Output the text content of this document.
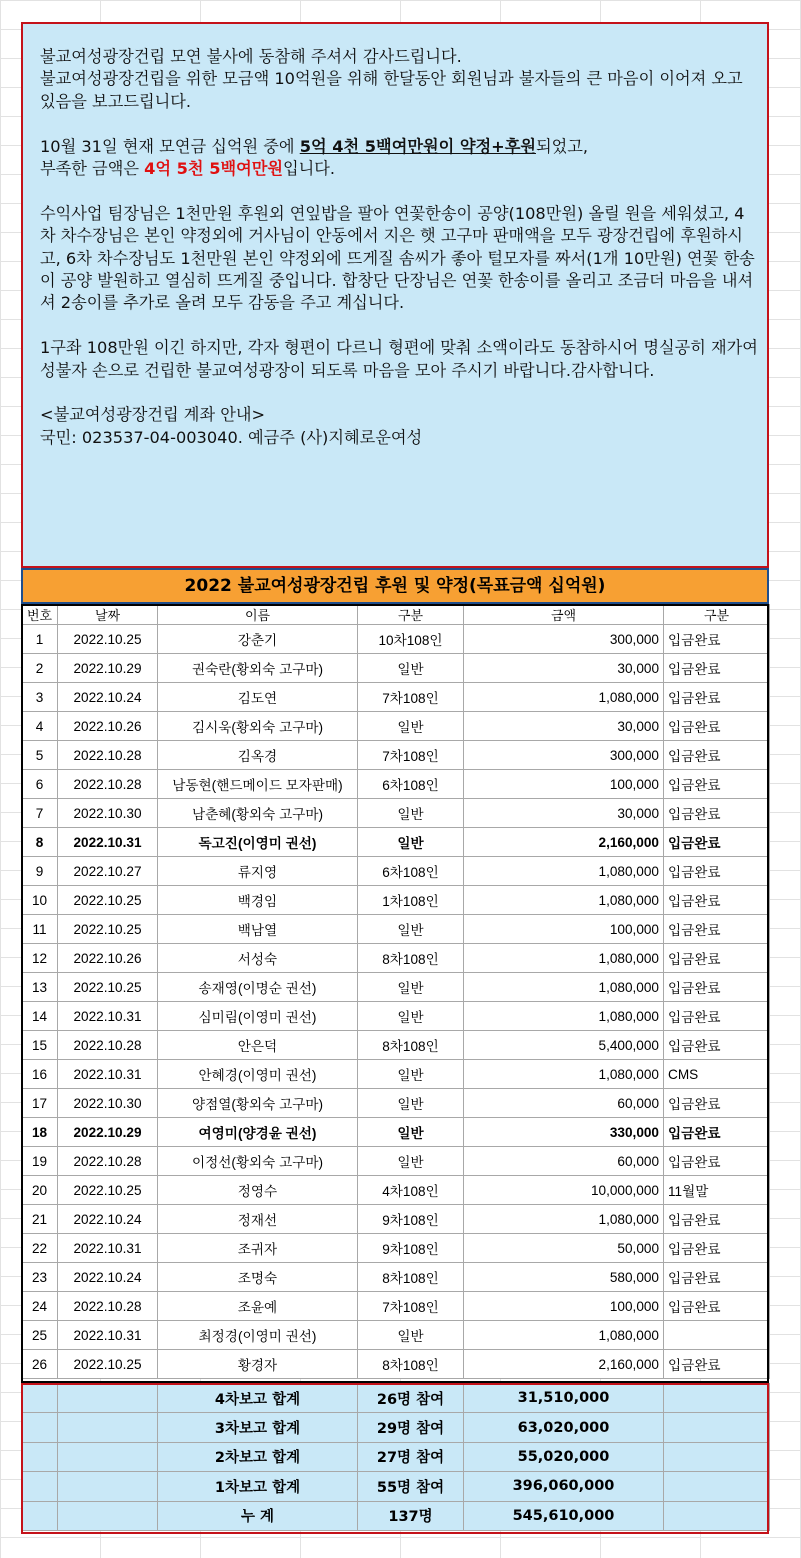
불교여성광장건립 모연 불사에 동참해 주셔서 감사드립니다.

불교여성광장건립을 위한 모금액 10억원을 위해 한달동안 회원님과 불자들의 큰 마음이 이어져 오고 있음을 보고드립니다.

10월 31일 현재 모연금 십억원 중에 5억 4천 5백여만원이 약정+후원되었고,

부족한 금액은 4억 5천 5백여만원입니다.

수익사업 팀장님은 1천만원 후원외 연잎밥을 팔아 연꽃한송이 공양(108만원) 올릴 원을 세워셨고, 4차 차수장님은 본인 약정외에 거사님이 안동에서 지은 햇 고구마 판매액을 모두 광장건립에 후원하시고, 6차 차수장님도 1천만원 본인 약정외에 뜨게질 솜씨가 좋아 털모자를 짜서(1개 10만원) 연꽃 한송이 공양 발원하고 열심히 뜨게질 중입니다. 합창단 단장님은 연꽃 한송이를 올리고 조금더 마음을 내셔셔 2송이를 추가로 올려 모두 감동을 주고 계십니다.

1구좌 108만원 이긴 하지만, 각자 형편이 다르니 형편에 맞춰 소액이라도 동참하시어 명실공히 재가여성불자 손으로 건립한 불교여성광장이 되도록 마음을 모아 주시기 바랍니다.감사합니다.

<불교여성광장건립 계좌 안내>

국민: 023537-04-003040. 예금주 (사)지혜로운여성

2022 불교여성광장건립 후원 및 약정(목표금액 십억원)
번호	날짜	이름	구분	금액	구분
1	2022.10.25	강춘기	10차108인	300,000	입금완료
2	2022.10.29	권숙란(황외숙 고구마)	일반	30,000	입금완료
3	2022.10.24	김도연	7차108인	1,080,000	입금완료
4	2022.10.26	김시욱(황외숙 고구마)	일반	30,000	입금완료
5	2022.10.28	김옥경	7차108인	300,000	입금완료
6	2022.10.28	남동현(핸드메이드 모자판매)	6차108인	100,000	입금완료
7	2022.10.30	남춘혜(황외숙 고구마)	일반	30,000	입금완료
8	2022.10.31	독고진(이영미 권선)	일반	2,160,000	입금완료
9	2022.10.27	류지영	6차108인	1,080,000	입금완료
10	2022.10.25	백경임	1차108인	1,080,000	입금완료
11	2022.10.25	백남열	일반	100,000	입금완료
12	2022.10.26	서성숙	8차108인	1,080,000	입금완료
13	2022.10.25	송재영(이명순 권선)	일반	1,080,000	입금완료
14	2022.10.31	심미림(이영미 권선)	일반	1,080,000	입금완료
15	2022.10.28	안은덕	8차108인	5,400,000	입금완료
16	2022.10.31	안혜경(이영미 권선)	일반	1,080,000	CMS
17	2022.10.30	양점열(황외숙 고구마)	일반	60,000	입금완료
18	2022.10.29	여영미(양경윤 권선)	일반	330,000	입금완료
19	2022.10.28	이정선(황외숙 고구마)	일반	60,000	입금완료
20	2022.10.25	정영수	4차108인	10,000,000	11월말
21	2022.10.24	정재선	9차108인	1,080,000	입금완료
22	2022.10.31	조귀자	9차108인	50,000	입금완료
23	2022.10.24	조명숙	8차108인	580,000	입금완료
24	2022.10.28	조윤예	7차108인	100,000	입금완료
25	2022.10.31	최정경(이영미 권선)	일반	1,080,000	
26	2022.10.25	황경자	8차108인	2,160,000	입금완료
		4차보고 합계	26명 참여	31,510,000	
		3차보고 합계	29명 참여	63,020,000	
		2차보고 합계	27명 참여	55,020,000	
		1차보고 합계	55명 참여	396,060,000	
		누 계	137명	545,610,000	
